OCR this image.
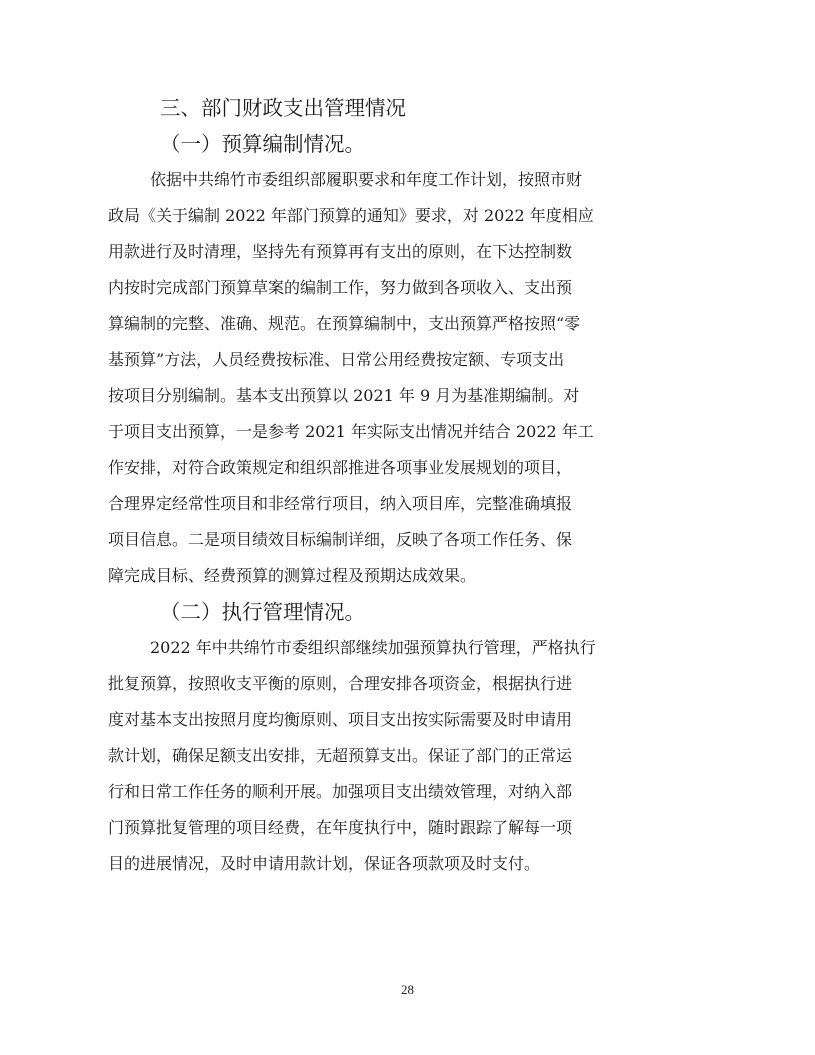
三、部门财政支出管理情况
（一）预算编制情况。
依据中共绵竹市委组织部履职要求和年度工作计划，按照市财
政局《关于编制 2022 年部门预算的通知》要求，对 2022 年度相应
用款进行及时清理，坚持先有预算再有支出的原则，在下达控制数
内按时完成部门预算草案的编制工作，努力做到各项收入、支出预
算编制的完整、准确、规范。在预算编制中，支出预算严格按照“零
基预算”方法，人员经费按标准、日常公用经费按定额、专项支出
按项目分别编制。基本支出预算以 2021 年 9 月为基准期编制。对
于项目支出预算，一是参考 2021 年实际支出情况并结合 2022 年工
作安排，对符合政策规定和组织部推进各项事业发展规划的项目，
合理界定经常性项目和非经常行项目，纳入项目库，完整准确填报
项目信息。二是项目绩效目标编制详细，反映了各项工作任务、保
障完成目标、经费预算的测算过程及预期达成效果。
（二）执行管理情况。
2022 年中共绵竹市委组织部继续加强预算执行管理，严格执行
批复预算，按照收支平衡的原则，合理安排各项资金，根据执行进
度对基本支出按照月度均衡原则、项目支出按实际需要及时申请用
款计划，确保足额支出安排，无超预算支出。保证了部门的正常运
行和日常工作任务的顺利开展。加强项目支出绩效管理，对纳入部
门预算批复管理的项目经费，在年度执行中，随时跟踪了解每一项
目的进展情况，及时申请用款计划，保证各项款项及时支付。
28
